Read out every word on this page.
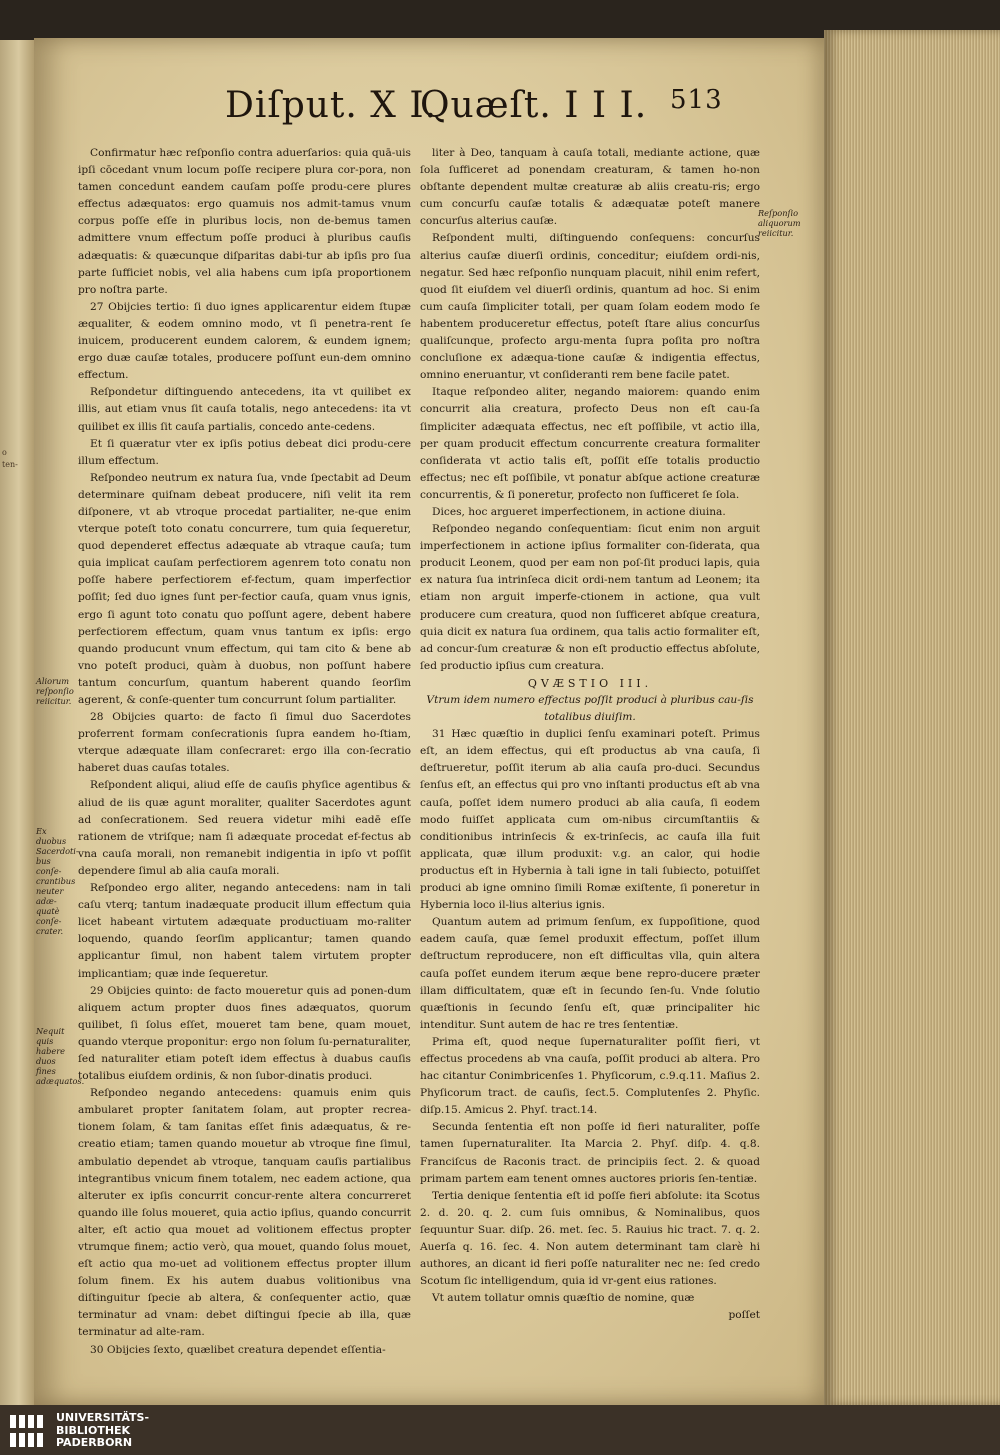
o
ten-
Diſput. X I.
Quæſt. I I I. 513

Confirmatur hæc reſponſio contra aduerſarios: quia quā-uis ipſi cōcedant vnum locum poſſe recipere plura cor-pora, non tamen concedunt eandem cauſam poſſe produ-cere plures effectus adæquatos: ergo quamuis nos admit-tamus vnum corpus poſſe eſſe in pluribus locis, non de-bemus tamen admittere vnum effectum poſſe produci à pluribus cauſis adæquatis: & quæcunque diſparitas dabi-tur ab ipſis pro ſua parte ſufficiet nobis, vel alia habens cum ipſa proportionem pro noſtra parte.

27 Obijcies tertio: ſi duo ignes applicarentur eidem ſtupæ æqualiter, & eodem omnino modo, vt ſi penetra-rent ſe inuicem, producerent eundem calorem, & eundem ignem; ergo duæ cauſæ totales, producere poſſunt eun-dem omnino effectum.

Reſpondetur diſtinguendo antecedens, ita vt quilibet ex illis, aut etiam vnus ſit cauſa totalis, nego antecedens: ita vt quilibet ex illis ſit cauſa partialis, concedo ante-cedens.

Et ſi quæratur vter ex ipſis potius debeat dici produ-cere illum effectum.

Reſpondeo neutrum ex natura ſua, vnde ſpectabit ad Deum determinare quiſnam debeat producere, niſi velit ita rem diſponere, vt ab vtroque procedat partialiter, ne-que enim vterque poteſt toto conatu concurrere, tum quia ſequeretur, quod dependeret effectus adæquate ab vtraque cauſa; tum quia implicat cauſam perfectiorem agenrem toto conatu non poſſe habere perfectiorem ef-fectum, quam imperfectior poſſit; ſed duo ignes ſunt per-fectior cauſa, quam vnus ignis, ergo ſi agunt toto conatu quo poſſunt agere, debent habere perfectiorem effectum, quam vnus tantum ex ipſis: ergo quando producunt vnum effectum, qui tam cito & bene ab vno poteſt produci, quàm à duobus, non poſſunt habere tantum concurſum, quantum haberent quando ſeorſim agerent, & conſe-quenter tum concurrunt ſolum partialiter.

28 Obijcies quarto: de facto ſi ſimul duo Sacerdotes proferrent formam conſecrationis ſupra eandem ho-ſtiam, vterque adæquate illam conſecraret: ergo illa con-ſecratio haberet duas cauſas totales.

Reſpondent aliqui, aliud eſſe de cauſis phyſice agentibus & aliud de iis quæ agunt moraliter, qualiter Sacerdotes agunt ad conſecrationem. Sed reuera videtur mihi eadē eſſe rationem de vtriſque; nam ſi adæquate procedat ef-fectus ab vna cauſa morali, non remanebit indigentia in ipſo vt poſſit dependere ſimul ab alia cauſa morali.

Reſpondeo ergo aliter, negando antecedens: nam in tali caſu vterq; tantum inadæquate producit illum effectum quia licet habeant virtutem adæquate productiuam mo-raliter loquendo, quando ſeorſim applicantur; tamen quando applicantur ſimul, non habent talem virtutem propter implicantiam; quæ inde ſequeretur.

29 Obijcies quinto: de facto moueretur quis ad ponen-dum aliquem actum propter duos fines adæquatos, quorum quilibet, ſi ſolus eſſet, moueret tam bene, quam mouet, quando vterque proponitur: ergo non ſolum ſu-pernaturaliter, ſed naturaliter etiam poteſt idem effectus à duabus cauſis totalibus eiuſdem ordinis, & non ſubor-dinatis produci.

Reſpondeo negando antecedens: quamuis enim quis ambularet propter ſanitatem ſolam, aut propter recrea-tionem ſolam, & tam ſanitas eſſet finis adæquatus, & re-creatio etiam; tamen quando mouetur ab vtroque fine ſimul, ambulatio dependet ab vtroque, tanquam cauſis partialibus integrantibus vnicum finem totalem, nec eadem actione, qua alteruter ex ipſis concurrit concur-rente altera concurreret quando ille ſolus moueret, quia actio ipſius, quando concurrit alter, eſt actio qua mouet ad volitionem effectus propter vtrumque finem; actio verò, qua mouet, quando ſolus mouet, eſt actio qua mo-uet ad volitionem effectus propter illum ſolum finem. Ex his autem duabus volitionibus vna diſtinguitur ſpecie ab altera, & conſequenter actio, quæ terminatur ad vnam: debet diſtingui ſpecie ab illa, quæ terminatur ad alte-ram.

30 Obijcies ſexto, quælibet creatura dependet eſſentia-

liter à Deo, tanquam à cauſa totali, mediante actione, quæ ſola ſufficeret ad ponendam creaturam, & tamen ho-non obſtante dependent multæ creaturæ ab aliis creatu-ris; ergo cum concurſu cauſæ totalis & adæquatæ poteſt manere concurſus alterius cauſæ.

Reſpondent multi, diſtinguendo conſequens: concurſus alterius cauſæ diuerſi ordinis, conceditur; eiuſdem ordi-nis, negatur. Sed hæc reſponſio nunquam placuit, nihil enim refert, quod ſit eiuſdem vel diuerſi ordinis, quantum ad hoc. Si enim cum cauſa ſimpliciter totali, per quam ſolam eodem modo ſe habentem produceretur effectus, poteſt ſtare alius concurſus qualiſcunque, profecto argu-menta ſupra poſita pro noſtra concluſione ex adæqua-tione cauſæ & indigentia effectus, omnino eneruantur, vt conſideranti rem bene facile patet.

Itaque reſpondeo aliter, negando maiorem: quando enim concurrit alia creatura, profecto Deus non eſt cau-ſa ſimpliciter adæquata effectus, nec eſt poſſibile, vt actio illa, per quam producit effectum concurrente creatura formaliter conſiderata vt actio talis eſt, poſſit eſſe totalis productio effectus; nec eſt poſſibile, vt ponatur abſque actione creaturæ concurrentis, & ſi poneretur, profecto non ſufficeret ſe ſola.

Dices, hoc argueret imperfectionem, in actione diuina.

Reſpondeo negando conſequentiam: ſicut enim non arguit imperfectionem in actione ipſius formaliter con-ſiderata, qua producit Leonem, quod per eam non poſ-ſit produci lapis, quia ex natura ſua intrinſeca dicit ordi-nem tantum ad Leonem; ita etiam non arguit imperfe-ctionem in actione, qua vult producere cum creatura, quod non ſufficeret abſque creatura, quia dicit ex natura ſua ordinem, qua talis actio formaliter eſt, ad concur-ſum creaturæ & non eſt productio effectus abſolute, ſed productio ipſius cum creatura.

QVÆSTIO III.

Vtrum idem numero effectus poſſit produci à pluribus cau-ſis totalibus diuiſim.

31 Hæc quæſtio in duplici ſenſu examinari poteſt. Primus eſt, an idem effectus, qui eſt productus ab vna cauſa, ſi deſtrueretur, poſſit iterum ab alia cauſa pro-duci. Secundus ſenſus eſt, an effectus qui pro vno inſtanti productus eſt ab vna cauſa, poſſet idem numero produci ab alia cauſa, ſi eodem modo fuiſſet applicata cum om-nibus circumſtantiis & conditionibus intrinſecis & ex-trinſecis, ac cauſa illa fuit applicata, quæ illum produxit: v.g. an calor, qui hodie productus eſt in Hybernia à tali igne in tali ſubiecto, potuiſſet produci ab igne omnino ſimili Romæ exiſtente, ſi poneretur in Hybernia loco il-lius alterius ignis.

Quantum autem ad primum ſenſum, ex ſuppoſitione, quod eadem cauſa, quæ ſemel produxit effectum, poſſet illum deſtructum reproducere, non eſt difficultas vlla, quin altera cauſa poſſet eundem iterum æque bene repro-ducere præter illam difficultatem, quæ eſt in ſecundo ſen-ſu. Vnde ſolutio quæſtionis in ſecundo ſenſu eſt, quæ principaliter hic intenditur. Sunt autem de hac re tres ſententiæ.

Prima eſt, quod neque ſupernaturaliter poſſit fieri, vt effectus procedens ab vna cauſa, poſſit produci ab altera. Pro hac citantur Conimbricenſes 1. Phyſicorum, c.9.q.11. Maſius 2. Phyſicorum tract. de cauſis, ſect.5. Complutenſes 2. Phyſic. diſp.15. Amicus 2. Phyſ. tract.14.

Secunda ſententia eſt non poſſe id fieri naturaliter, poſſe tamen ſupernaturaliter. Ita Marcia 2. Phyſ. diſp. 4. q.8. Franciſcus de Raconis tract. de principiis ſect. 2. & quoad primam partem eam tenent omnes auctores prioris ſen-tentiæ.

Tertia denique ſententia eſt id poſſe fieri abſolute: ita Scotus 2. d. 20. q. 2. cum ſuis omnibus, & Nominalibus, quos ſequuntur Suar. diſp. 26. met. ſec. 5. Rauius hic tract. 7. q. 2. Auerſa q. 16. ſec. 4. Non autem determinant tam clarè hi authores, an dicant id fieri poſſe naturaliter nec ne: ſed credo Scotum ſic intelligendum, quia id vr-gent eius rationes.

Vt autem tollatur omnis quæſtio de nomine, quæ

poſſet

Reſponſio aliquorum reiicitur.
Aliorum reſponſio reiicitur.
Ex duobus Sacerdoti-bus conſe-crantibus neuter adæ-quatè conſe-crater.
Nequit quis habere duos fines adæquatos.
UNIVERSITÄTS-
BIBLIOTHEK
PADERBORN
